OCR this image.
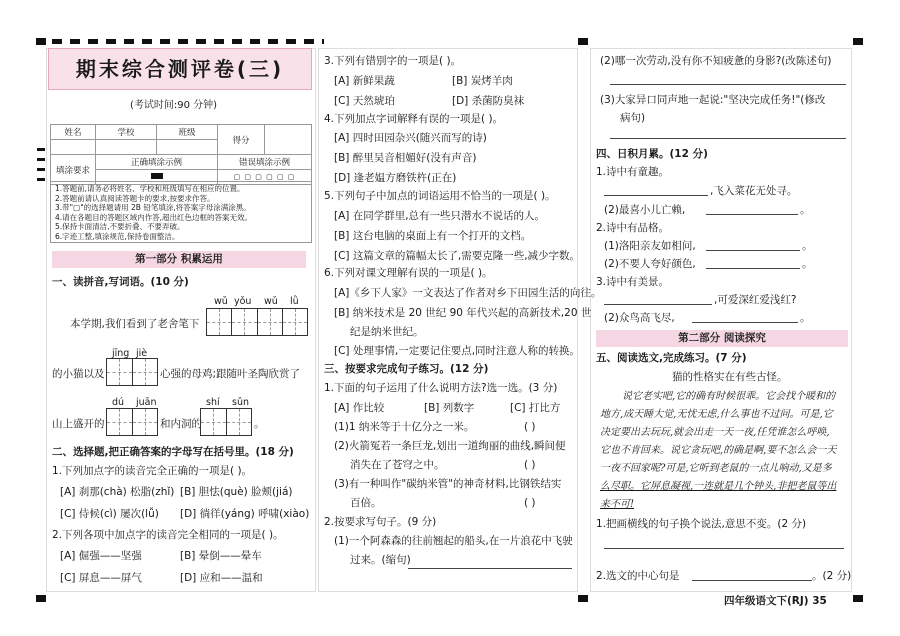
期末综合测评卷(三)
(考试时间:90 分钟)
姓名	学校	班级	得分	

填涂要求	正确填涂示例		错误填涂示例	
			▢ ▢ ▢ ▢ ▢ ▢	
1.答题前,请务必将姓名、学校和班级填写在相应的位置。
2.答题前请认真阅读答题卡的要求,按要求作答。
3.带"▢"的选择题请用 2B 铅笔填涂,将答案字母涂满涂黑。
4.请在各题目的答题区域内作答,超出红色边框的答案无效。
5.保持卡面清洁,不要折叠、不要弄破。
6.字迹工整,填涂规范,保持卷面整洁。
第一部分 积累运用
一、读拼音,写词语。(10 分)
wǔ yǒu wǔ lǜ
本学期,我们看到了老舍笔下
jīng jiè
的小猫以及	心强的母鸡;跟随叶圣陶欣赏了
dú juān	shí sǔn
山上盛开的	和内洞的	。
二、选择题,把正确答案的字母写在括号里。(18 分)
1.下列加点字的读音完全正确的一项是( )。
[A] 刹那(chà) 松脂(zhǐ) [B] 胆怯(què) 脸颊(jiá)
[C] 侍候(cì) 屡次(lǚ) [D] 徜徉(yáng) 呼啸(xiào)
2.下列各项中加点字的读音完全相同的一项是( )。
[A] 倔强——坚强	[B] 晕倒——晕车
[C] 屏息——屏气	[D] 应和——温和
3.下列有错别字的一项是( )。
[A] 新鲜果蔬	[B] 炭烤羊肉
[C] 天然琥珀	[D] 杀菌防臭袜
4.下列加点字词解释有误的一项是( )。
[A] 四时田园杂兴(随兴而写的诗)
[B] 醉里吴音相媚好(没有声音)
[D] 逢老媪方磨铁杵(正在)
5.下列句子中加点的词语运用不恰当的一项是( )。
[A] 在同学群里,总有一些只潜水不说话的人。
[B] 这台电脑的桌面上有一个打开的文档。
[C] 这篇文章的篇幅太长了,需要克隆一些,减少字数。
6.下列对课文理解有误的一项是( )。
[A]《乡下人家》一文表达了作者对乡下田园生活的向往。
[B] 纳米技术是 20 世纪 90 年代兴起的高新技术,20 世
纪是纳米世纪。
[C] 处理事情,一定要记住要点,同时注意人称的转换。
三、按要求完成句子练习。(12 分)
1.下面的句子运用了什么说明方法?选一选。(3 分)
[A] 作比较	[B] 列数字	[C] 打比方
(1)1 纳米等于十亿分之一米。	( )
(2)火箭冤若一条巨龙,划出一道绚丽的曲线,瞬间便
消失在了苍穹之中。	( )
(3)有一种叫作"碳纳米管"的神奇材料,比钢铁结实
百倍。	( )
2.按要求写句子。(9 分)
(1)一个阿森森的往前翘起的船头,在一片浪花中飞驶
过来。(缩句)
(2)哪一次劳动,没有你不知疲惫的身影?(改陈述句)
(3)大家异口同声地一起说:"坚决完成任务!"(修改
病句)
四、日积月累。(12 分)
1.诗中有童趣。
,飞入菜花无处寻。
(2)最喜小儿亡赖,	。
2.诗中有品格。
(1)洛阳亲友如相问,	。
(2)不要人夸好颜色,	。
3.诗中有美景。
,可爱深红爱浅红?
(2)众鸟高飞尽,	。
第二部分 阅读探究
五、阅读选文,完成练习。(7 分)
猫的性格实在有些古怪。
说它老实吧,它的确有时候很乖。它会找个暖和的
地方,成天睡大觉,无忧无虑,什么事也不过问。可是,它
决定要出去玩玩,就会出走一天一夜,任凭谁怎么呼唤,
它也不肯回来。说它贪玩吧,的确是啊,要不怎么会一天
一夜不回家呢?可是,它听到老鼠的一点儿响动,又是多
么尽职。它屏息凝视,一连就是几个钟头,非把老鼠等出
来不可!
1.把画横线的句子换个说法,意思不变。(2 分)
2.选文的中心句是	。(2 分)
四年级语文下(RJ) 35
